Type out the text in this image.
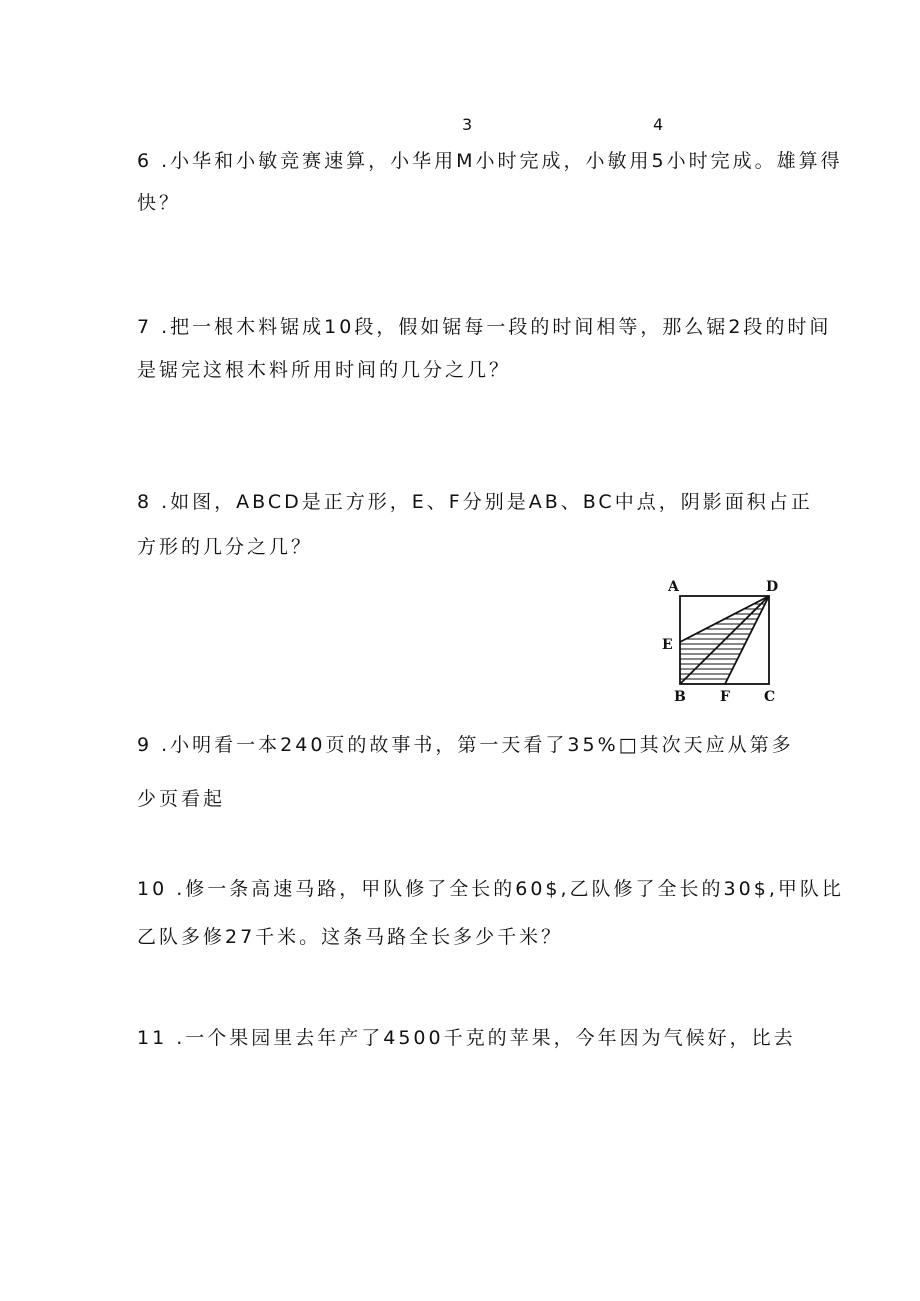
3	4
6 .小华和小敏竞赛速算，小华用M小时完成，小敏用5小时完成。雄算得
快？
7 .把一根木料锯成10段，假如锯每一段的时间相等，那么锯2段的时间
是锯完这根木料所用时间的几分之几？
8 .如图，ABCD是正方形，E、F分别是AB、BC中点，阴影面积占正
方形的几分之几？
A	D
E
B F C
9 .小明看一本240页的故事书，第一天看了35%□其次天应从第多
少页看起
10 .修一条高速马路，甲队修了全长的60$,乙队修了全长的30$,甲队比
乙队多修27千米。这条马路全长多少千米？
11 .一个果园里去年产了4500千克的苹果，今年因为气候好，比去
